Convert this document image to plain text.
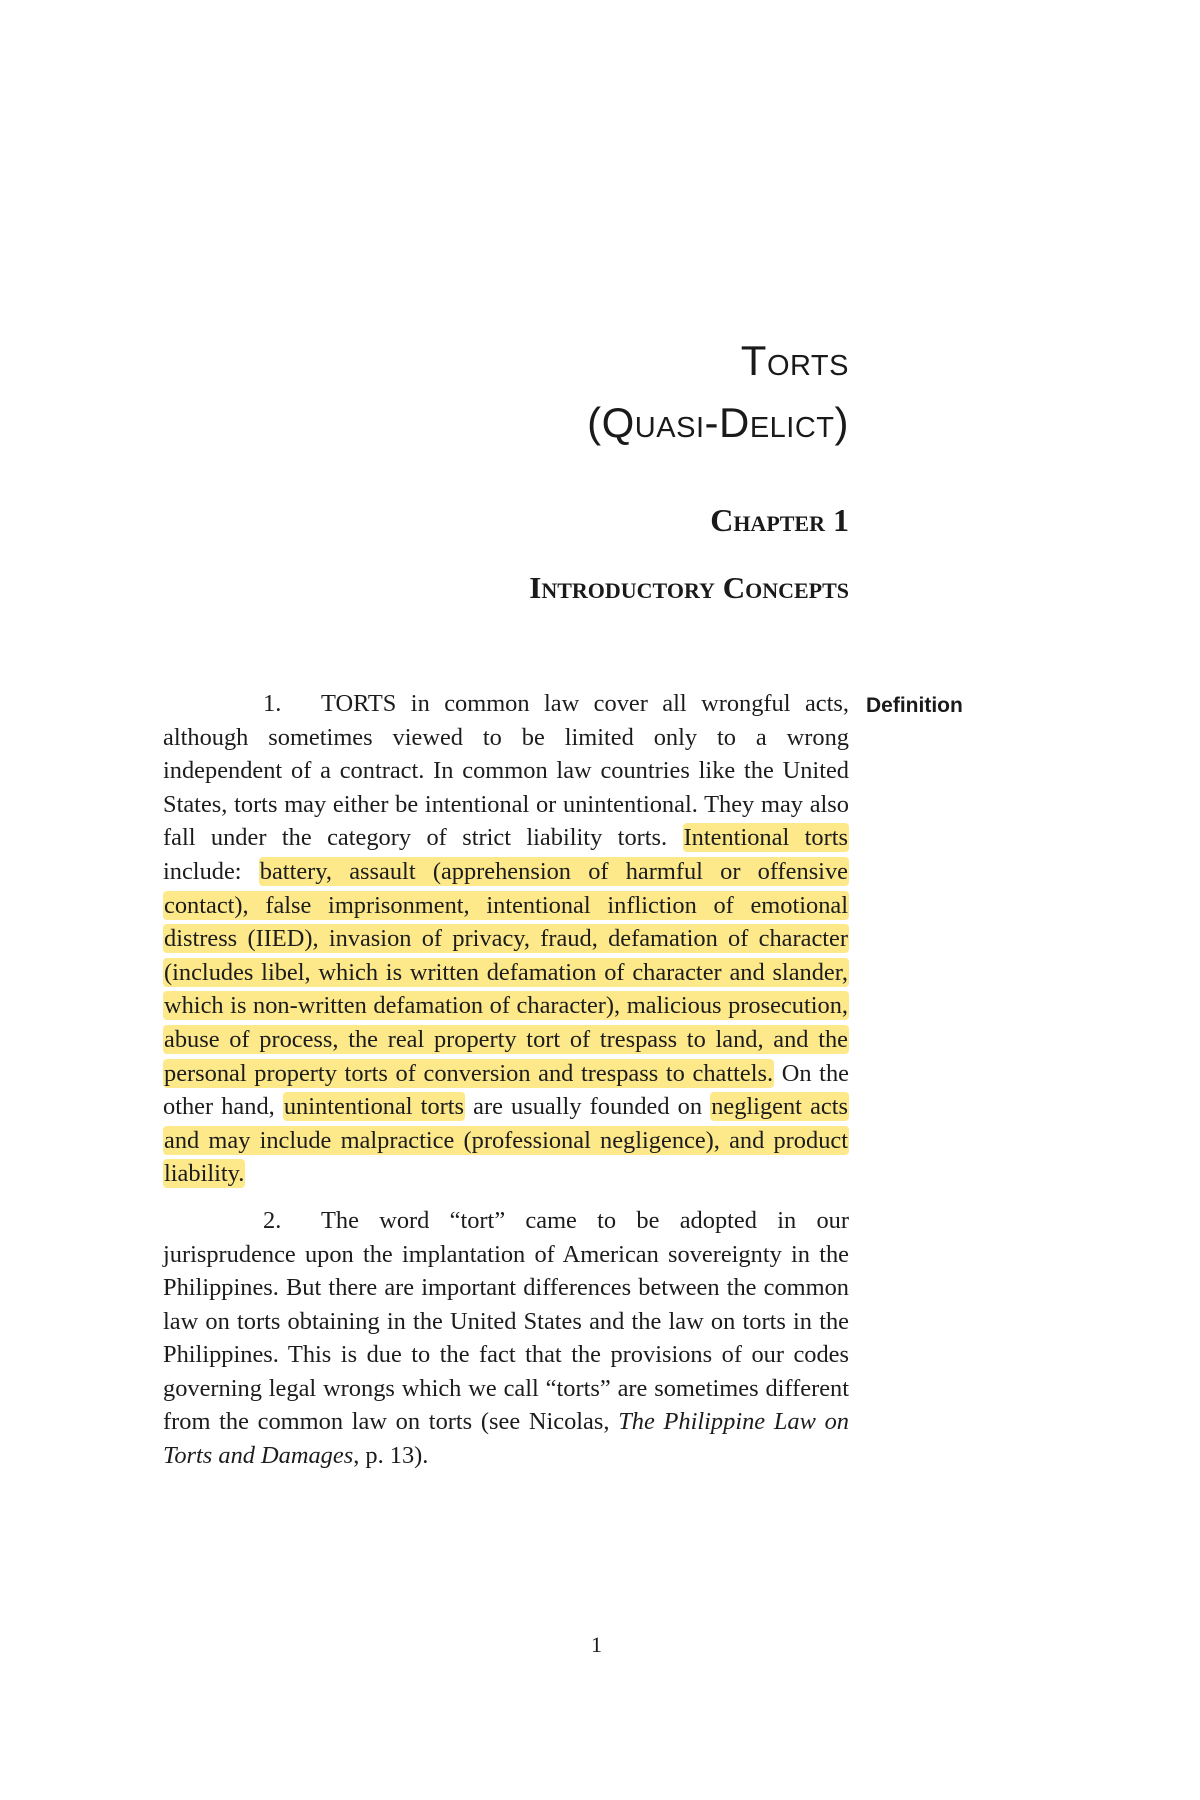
Torts
(Quasi-Delict)
Chapter 1
Introductory Concepts
Definition

1. TORTS in common law cover all wrongful acts, although sometimes viewed to be limited only to a wrong independent of a contract. In common law countries like the United States, torts may either be intentional or unintentional. They may also fall under the category of strict liability torts. Intentional torts include: battery, assault (apprehension of harmful or offensive contact), false imprisonment, intentional infliction of emotional distress (IIED), invasion of privacy, fraud, defamation of character (includes libel, which is written defamation of character and slander, which is non-written defamation of character), malicious prosecution, abuse of process, the real property tort of trespass to land, and the personal property torts of conversion and trespass to chattels. On the other hand, unintentional torts are usually founded on negligent acts and may include malpractice (professional negligence), and product liability.

2. The word “tort” came to be adopted in our jurisprudence upon the implantation of American sovereignty in the Philippines. But there are important differences between the common law on torts obtaining in the United States and the law on torts in the Philippines. This is due to the fact that the provisions of our codes governing legal wrongs which we call “torts” are sometimes different from the common law on torts (see Nicolas, The Philippine Law on Torts and Damages, p. 13).

1
